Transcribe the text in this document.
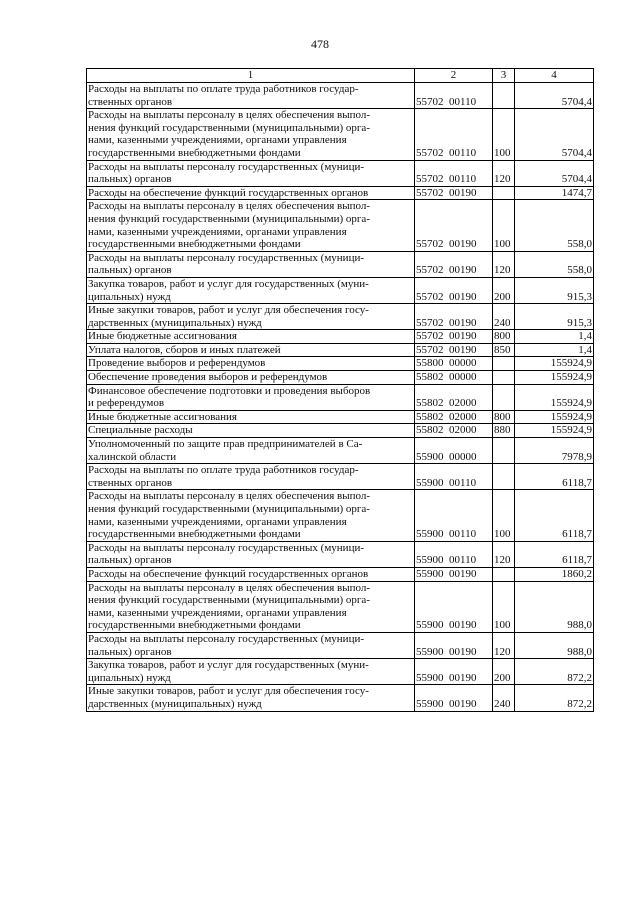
478
1	2	3	4
Расходы на выплаты по оплате труда работников государ-
ственных органов	55702  00110		5704,4
Расходы на выплаты персоналу в целях обеспечения выпол-
нения функций государственными (муниципальными) орга-
нами, казенными учреждениями, органами управления
государственными внебюджетными фондами	55702  00110	100	5704,4
Расходы на выплаты персоналу государственных (муници-
пальных) органов	55702  00110	120	5704,4
Расходы на обеспечение функций государственных органов	55702  00190		1474,7
Расходы на выплаты персоналу в целях обеспечения выпол-
нения функций государственными (муниципальными) орга-
нами, казенными учреждениями, органами управления
государственными внебюджетными фондами	55702  00190	100	558,0
Расходы на выплаты персоналу государственных (муници-
пальных) органов	55702  00190	120	558,0
Закупка товаров, работ и услуг для государственных (муни-
ципальных) нужд	55702  00190	200	915,3
Иные закупки товаров, работ и услуг для обеспечения госу-
дарственных (муниципальных) нужд	55702  00190	240	915,3
Иные бюджетные ассигнования	55702  00190	800	1,4
Уплата налогов, сборов и иных платежей	55702  00190	850	1,4
Проведение выборов и референдумов	55800  00000		155924,9
Обеспечение проведения выборов и референдумов	55802  00000		155924,9
Финансовое обеспечение подготовки и проведения выборов
и референдумов	55802  02000		155924,9
Иные бюджетные ассигнования	55802  02000	800	155924,9
Специальные расходы	55802  02000	880	155924,9
Уполномоченный по защите прав предпринимателей в Са-
халинской области	55900  00000		7978,9
Расходы на выплаты по оплате труда работников государ-
ственных органов	55900  00110		6118,7
Расходы на выплаты персоналу в целях обеспечения выпол-
нения функций государственными (муниципальными) орга-
нами, казенными учреждениями, органами управления
государственными внебюджетными фондами	55900  00110	100	6118,7
Расходы на выплаты персоналу государственных (муници-
пальных) органов	55900  00110	120	6118,7
Расходы на обеспечение функций государственных органов	55900  00190		1860,2
Расходы на выплаты персоналу в целях обеспечения выпол-
нения функций государственными (муниципальными) орга-
нами, казенными учреждениями, органами управления
государственными внебюджетными фондами	55900  00190	100	988,0
Расходы на выплаты персоналу государственных (муници-
пальных) органов	55900  00190	120	988,0
Закупка товаров, работ и услуг для государственных (муни-
ципальных) нужд	55900  00190	200	872,2
Иные закупки товаров, работ и услуг для обеспечения госу-
дарственных (муниципальных) нужд	55900  00190	240	872,2
